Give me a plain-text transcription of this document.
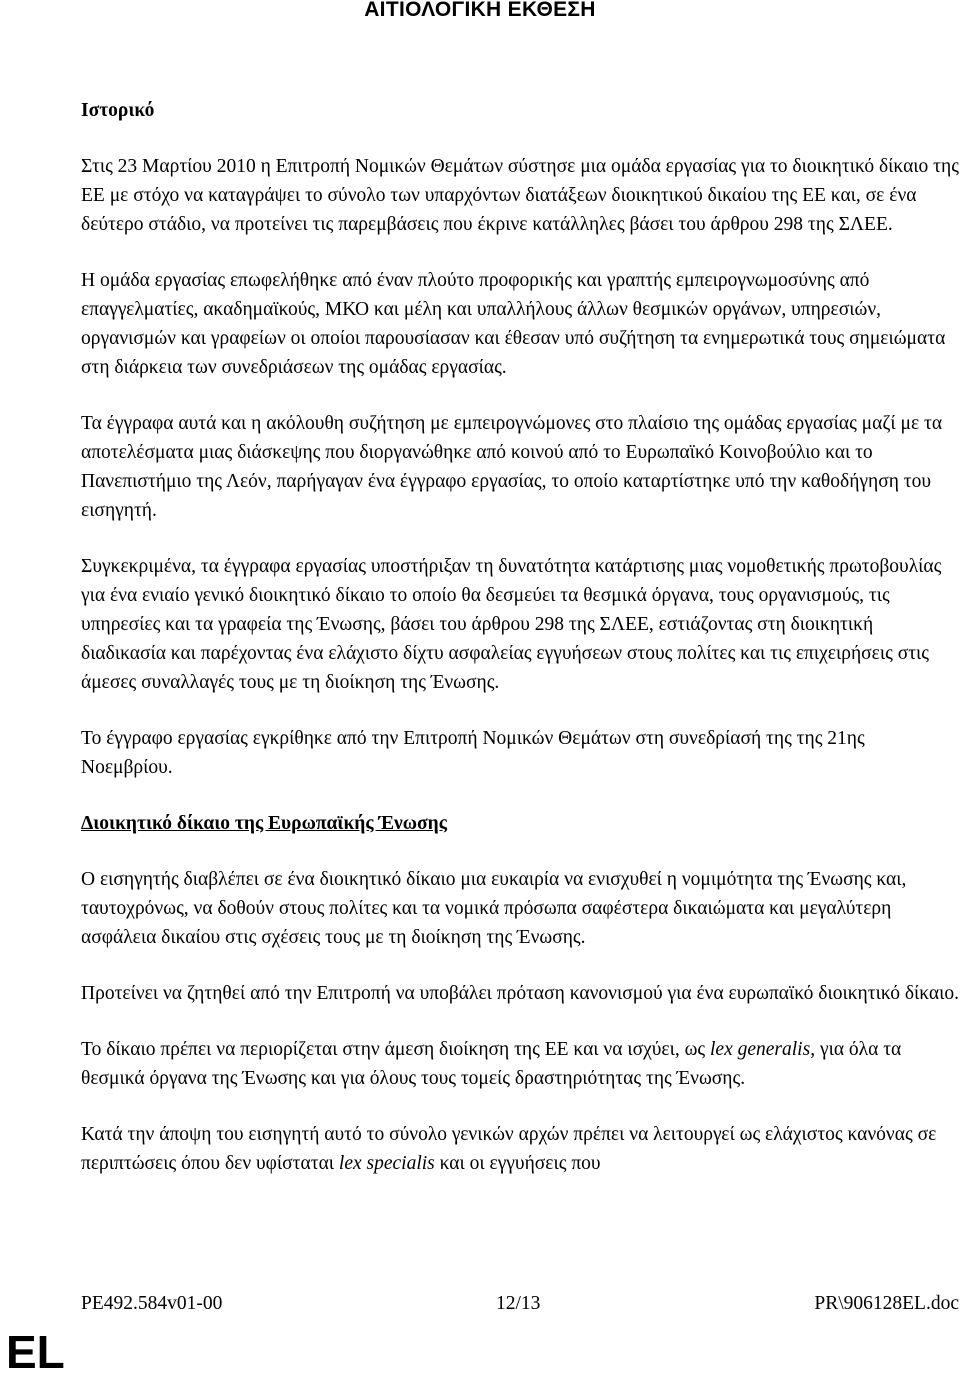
ΑΙΤΙΟΛΟΓΙΚΗ ΕΚΘΕΣΗ
Ιστορικό

Στις 23 Μαρτίου 2010 η Επιτροπή Νομικών Θεμάτων σύστησε μια ομάδα εργασίας για το διοικητικό δίκαιο της ΕΕ με στόχο να καταγράψει το σύνολο των υπαρχόντων διατάξεων διοικητικού δικαίου της ΕΕ και, σε ένα δεύτερο στάδιο, να προτείνει τις παρεμβάσεις που έκρινε κατάλληλες βάσει του άρθρου 298 της ΣΛΕΕ.

Η ομάδα εργασίας επωφελήθηκε από έναν πλούτο προφορικής και γραπτής εμπειρογνωμοσύνης από επαγγελματίες, ακαδημαϊκούς, ΜΚΟ και μέλη και υπαλλήλους άλλων θεσμικών οργάνων, υπηρεσιών, οργανισμών και γραφείων οι οποίοι παρουσίασαν και έθεσαν υπό συζήτηση τα ενημερωτικά τους σημειώματα στη διάρκεια των συνεδριάσεων της ομάδας εργασίας.

Τα έγγραφα αυτά και η ακόλουθη συζήτηση με εμπειρογνώμονες στο πλαίσιο της ομάδας εργασίας μαζί με τα αποτελέσματα μιας διάσκεψης που διοργανώθηκε από κοινού από το Ευρωπαϊκό Κοινοβούλιο και το Πανεπιστήμιο της Λεόν, παρήγαγαν ένα έγγραφο εργασίας, το οποίο καταρτίστηκε υπό την καθοδήγηση του εισηγητή.

Συγκεκριμένα, τα έγγραφα εργασίας υποστήριξαν τη δυνατότητα κατάρτισης μιας νομοθετικής πρωτοβουλίας για ένα ενιαίο γενικό διοικητικό δίκαιο το οποίο θα δεσμεύει τα θεσμικά όργανα, τους οργανισμούς, τις υπηρεσίες και τα γραφεία της Ένωσης, βάσει του άρθρου 298 της ΣΛΕΕ, εστιάζοντας στη διοικητική διαδικασία και παρέχοντας ένα ελάχιστο δίχτυ ασφαλείας εγγυήσεων στους πολίτες και τις επιχειρήσεις στις άμεσες συναλλαγές τους με τη διοίκηση της Ένωσης.

Το έγγραφο εργασίας εγκρίθηκε από την Επιτροπή Νομικών Θεμάτων στη συνεδρίασή της της 21ης Νοεμβρίου.

Διοικητικό δίκαιο της Ευρωπαϊκής Ένωσης

Ο εισηγητής διαβλέπει σε ένα διοικητικό δίκαιο μια ευκαιρία να ενισχυθεί η νομιμότητα της Ένωσης και, ταυτοχρόνως, να δοθούν στους πολίτες και τα νομικά πρόσωπα σαφέστερα δικαιώματα και μεγαλύτερη ασφάλεια δικαίου στις σχέσεις τους με τη διοίκηση της Ένωσης.

Προτείνει να ζητηθεί από την Επιτροπή να υποβάλει πρόταση κανονισμού για ένα ευρωπαϊκό διοικητικό δίκαιο.

Το δίκαιο πρέπει να περιορίζεται στην άμεση διοίκηση της ΕΕ και να ισχύει, ως lex generalis, για όλα τα θεσμικά όργανα της Ένωσης και για όλους τους τομείς δραστηριότητας της Ένωσης.

Κατά την άποψη του εισηγητή αυτό το σύνολο γενικών αρχών πρέπει να λειτουργεί ως ελάχιστος κανόνας σε περιπτώσεις όπου δεν υφίσταται lex specialis και οι εγγυήσεις που

PE492.584v01-00	12/13	PR\906128EL.doc
EL
